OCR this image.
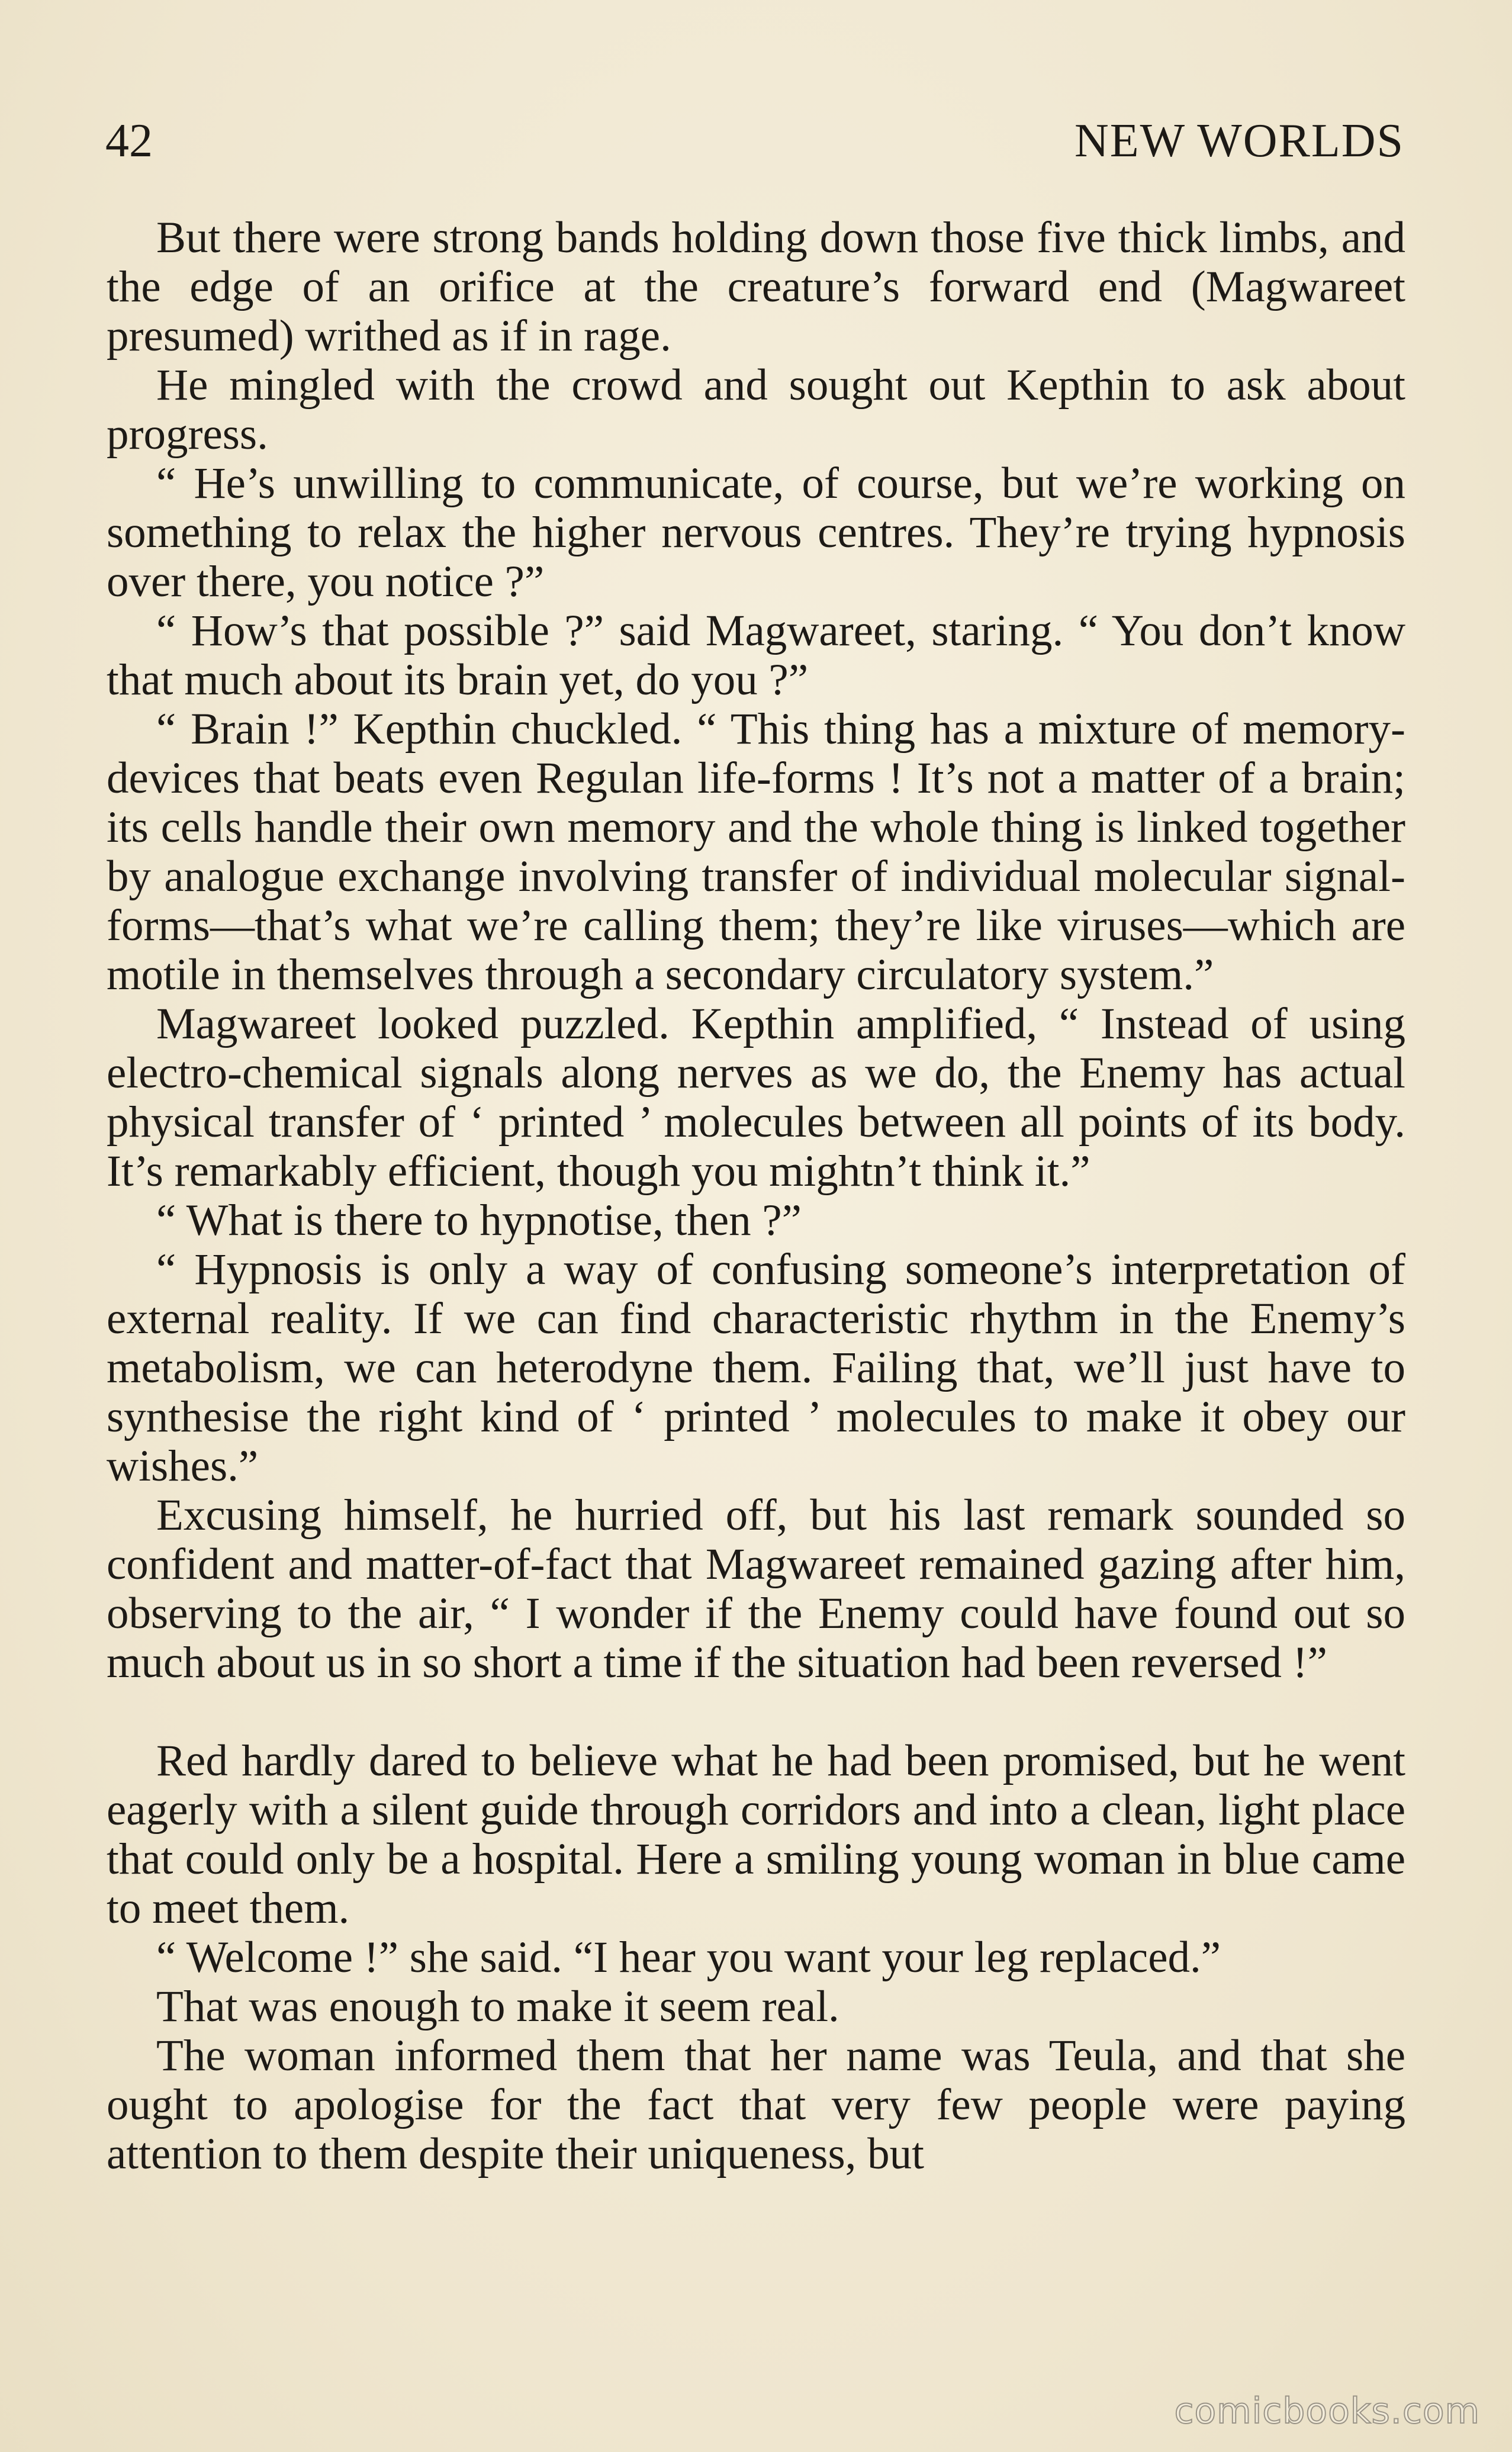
42	NEW WORLDS

But there were strong bands holding down those five thick limbs, and the edge of an orifice at the creature’s forward end (Magwareet presumed) writhed as if in rage.

He mingled with the crowd and sought out Kepthin to ask about progress.

“ He’s unwilling to communicate, of course, but we’re working on something to relax the higher nervous centres. They’re trying hypnosis over there, you notice ?”

“ How’s that possible ?” said Magwareet, staring. “ You don’t know that much about its brain yet, do you ?”

“ Brain !” Kepthin chuckled. “ This thing has a mixture of memory-devices that beats even Regulan life-forms ! It’s not a matter of a brain; its cells handle their own memory and the whole thing is linked together by analogue exchange involving transfer of individual molecular signal-forms—that’s what we’re calling them; they’re like viruses—which are motile in themselves through a secondary circulatory system.”

Magwareet looked puzzled. Kepthin amplified, “ Instead of using electro-chemical signals along nerves as we do, the Enemy has actual physical transfer of ‘ printed ’ molecules between all points of its body. It’s remarkably efficient, though you mightn’t think it.”

“ What is there to hypnotise, then ?”

“ Hypnosis is only a way of confusing someone’s interpretation of external reality. If we can find characteristic rhythm in the Enemy’s metabolism, we can heterodyne them. Failing that, we’ll just have to synthesise the right kind of ‘ printed ’ molecules to make it obey our wishes.”

Excusing himself, he hurried off, but his last remark sounded so confident and matter-of-fact that Magwareet remained gazing after him, observing to the air, “ I wonder if the Enemy could have found out so much about us in so short a time if the situation had been reversed !”

Red hardly dared to believe what he had been promised, but he went eagerly with a silent guide through corridors and into a clean, light place that could only be a hospital. Here a smiling young woman in blue came to meet them.

“ Welcome !” she said. “I hear you want your leg replaced.”

That was enough to make it seem real.

The woman informed them that her name was Teula, and that she ought to apologise for the fact that very few people were paying attention to them despite their uniqueness, but

comicbooks.com
